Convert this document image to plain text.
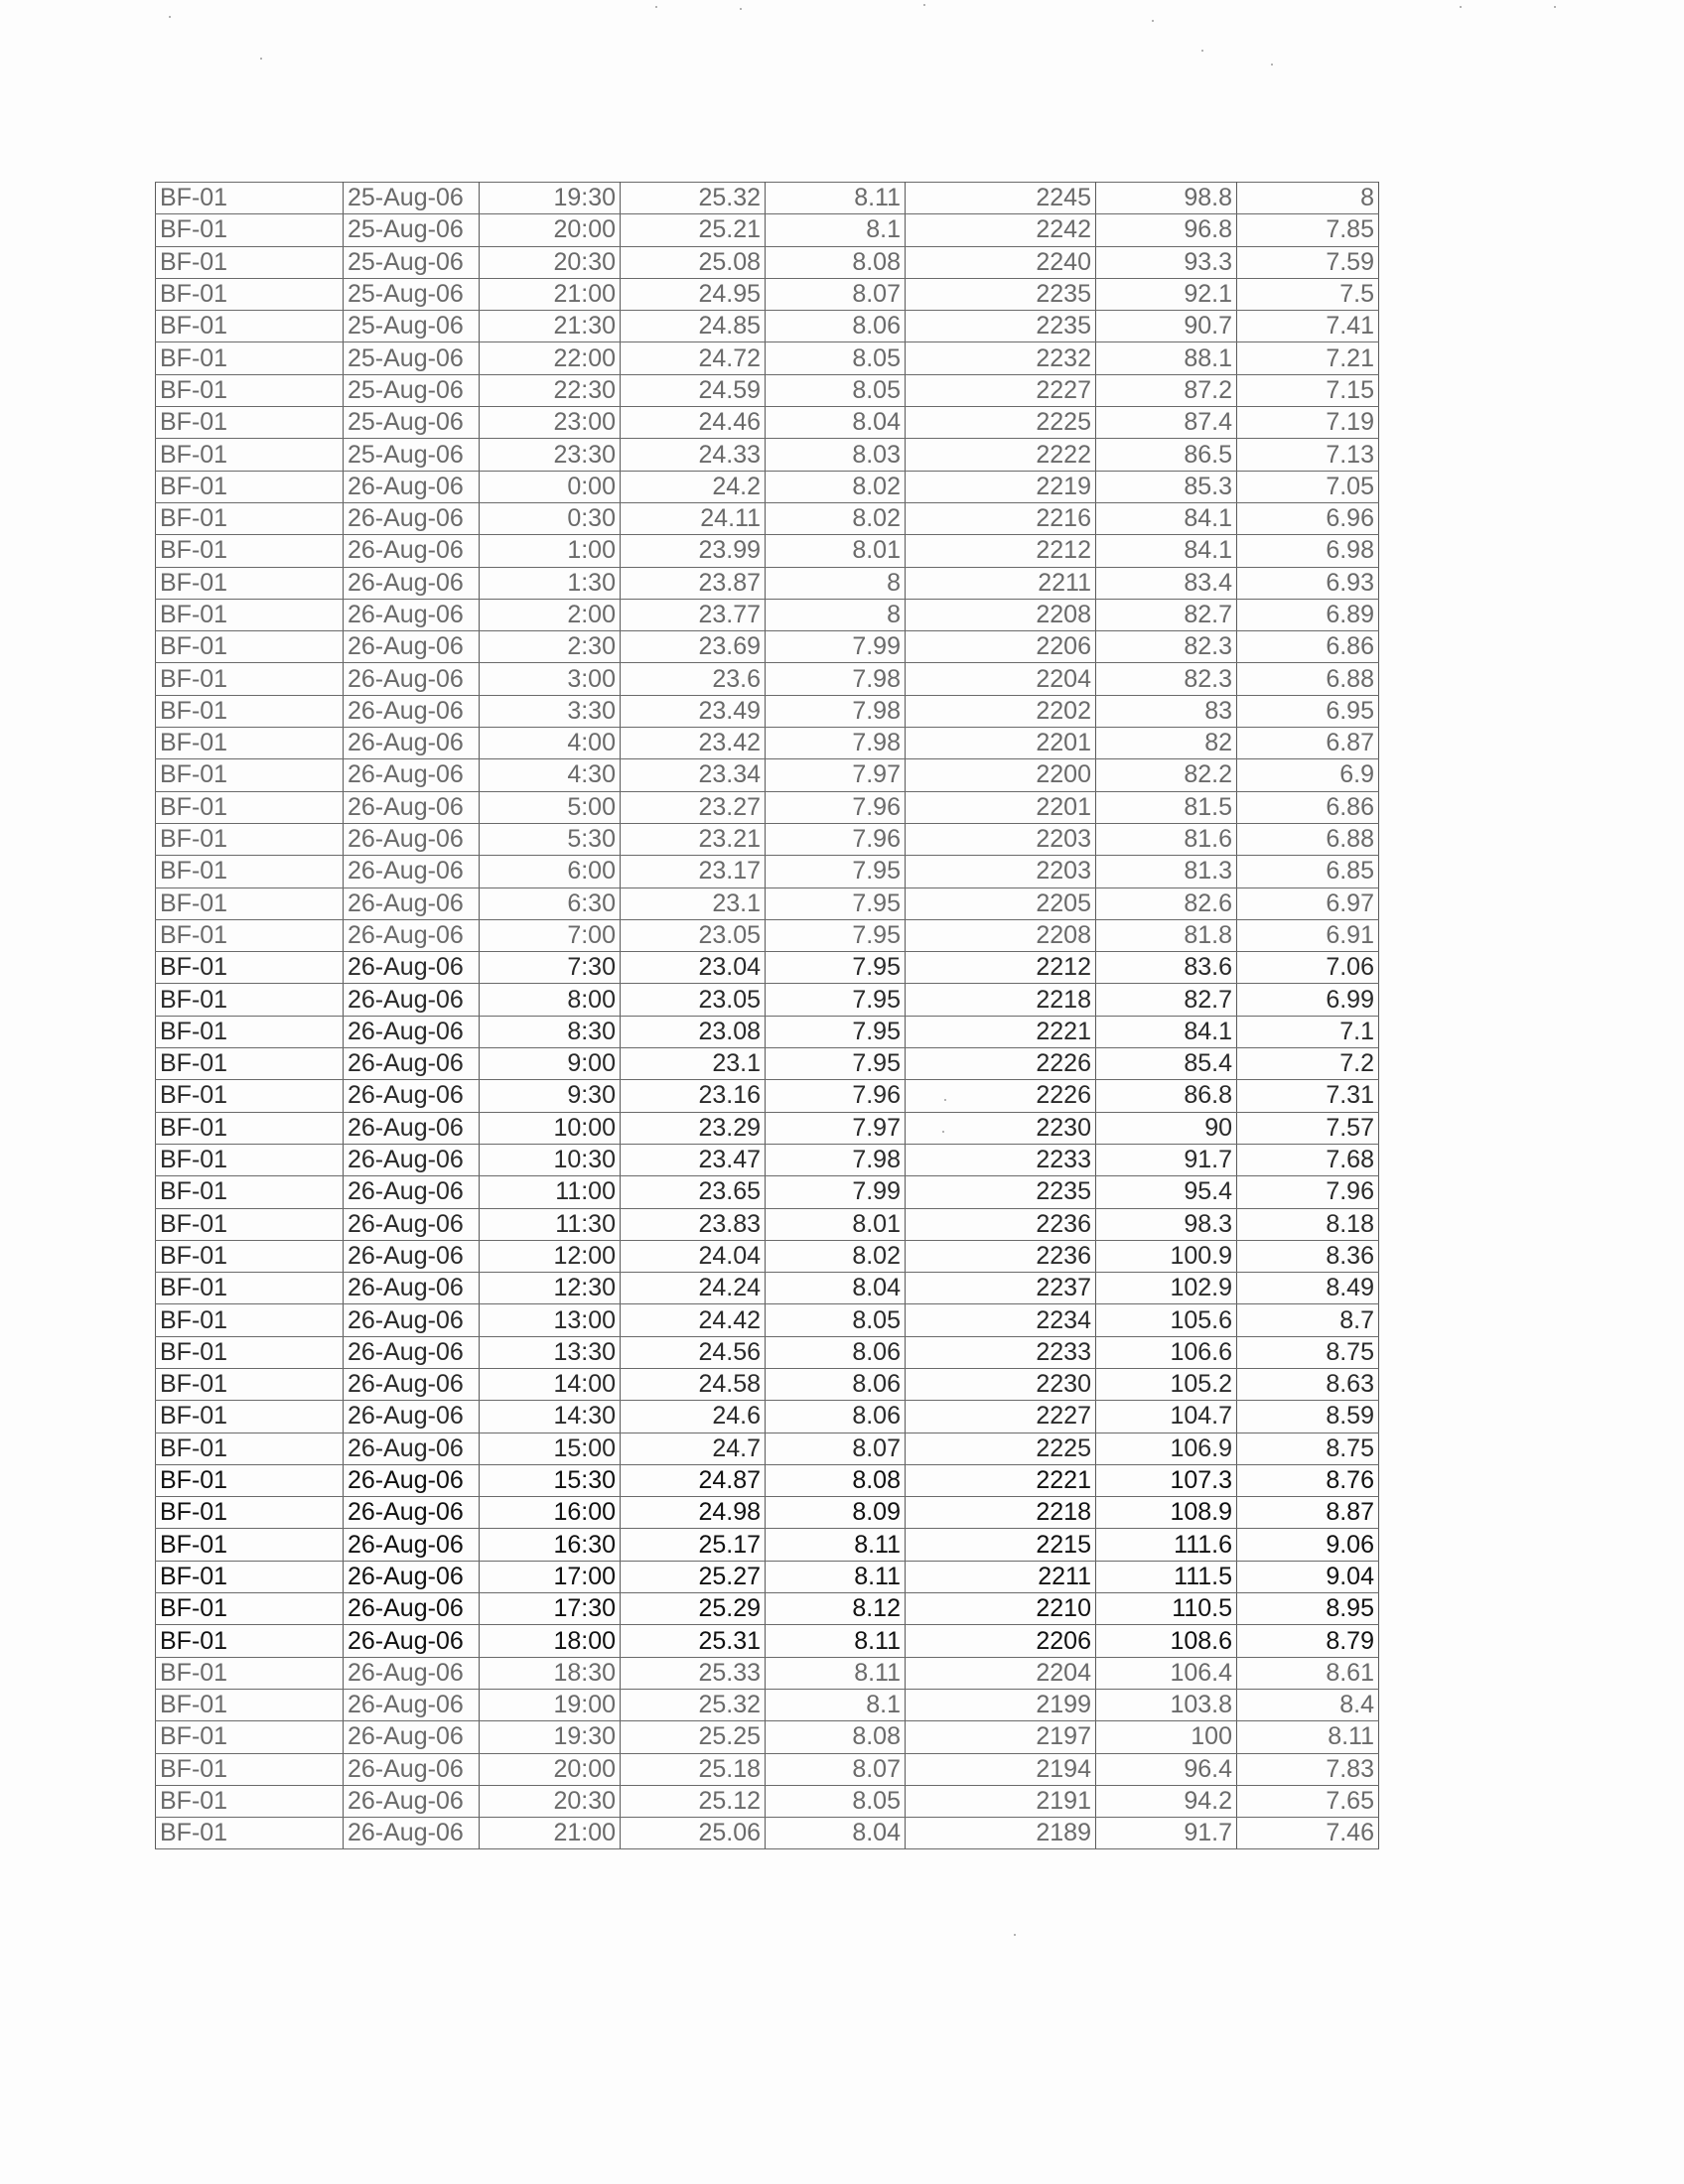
BF-01	25-Aug-06	19:30	25.32	8.11	2245	98.8	8
BF-01	25-Aug-06	20:00	25.21	8.1	2242	96.8	7.85
BF-01	25-Aug-06	20:30	25.08	8.08	2240	93.3	7.59
BF-01	25-Aug-06	21:00	24.95	8.07	2235	92.1	7.5
BF-01	25-Aug-06	21:30	24.85	8.06	2235	90.7	7.41
BF-01	25-Aug-06	22:00	24.72	8.05	2232	88.1	7.21
BF-01	25-Aug-06	22:30	24.59	8.05	2227	87.2	7.15
BF-01	25-Aug-06	23:00	24.46	8.04	2225	87.4	7.19
BF-01	25-Aug-06	23:30	24.33	8.03	2222	86.5	7.13
BF-01	26-Aug-06	0:00	24.2	8.02	2219	85.3	7.05
BF-01	26-Aug-06	0:30	24.11	8.02	2216	84.1	6.96
BF-01	26-Aug-06	1:00	23.99	8.01	2212	84.1	6.98
BF-01	26-Aug-06	1:30	23.87	8	2211	83.4	6.93
BF-01	26-Aug-06	2:00	23.77	8	2208	82.7	6.89
BF-01	26-Aug-06	2:30	23.69	7.99	2206	82.3	6.86
BF-01	26-Aug-06	3:00	23.6	7.98	2204	82.3	6.88
BF-01	26-Aug-06	3:30	23.49	7.98	2202	83	6.95
BF-01	26-Aug-06	4:00	23.42	7.98	2201	82	6.87
BF-01	26-Aug-06	4:30	23.34	7.97	2200	82.2	6.9
BF-01	26-Aug-06	5:00	23.27	7.96	2201	81.5	6.86
BF-01	26-Aug-06	5:30	23.21	7.96	2203	81.6	6.88
BF-01	26-Aug-06	6:00	23.17	7.95	2203	81.3	6.85
BF-01	26-Aug-06	6:30	23.1	7.95	2205	82.6	6.97
BF-01	26-Aug-06	7:00	23.05	7.95	2208	81.8	6.91
BF-01	26-Aug-06	7:30	23.04	7.95	2212	83.6	7.06
BF-01	26-Aug-06	8:00	23.05	7.95	2218	82.7	6.99
BF-01	26-Aug-06	8:30	23.08	7.95	2221	84.1	7.1
BF-01	26-Aug-06	9:00	23.1	7.95	2226	85.4	7.2
BF-01	26-Aug-06	9:30	23.16	7.96	2226	86.8	7.31
BF-01	26-Aug-06	10:00	23.29	7.97	2230	90	7.57
BF-01	26-Aug-06	10:30	23.47	7.98	2233	91.7	7.68
BF-01	26-Aug-06	11:00	23.65	7.99	2235	95.4	7.96
BF-01	26-Aug-06	11:30	23.83	8.01	2236	98.3	8.18
BF-01	26-Aug-06	12:00	24.04	8.02	2236	100.9	8.36
BF-01	26-Aug-06	12:30	24.24	8.04	2237	102.9	8.49
BF-01	26-Aug-06	13:00	24.42	8.05	2234	105.6	8.7
BF-01	26-Aug-06	13:30	24.56	8.06	2233	106.6	8.75
BF-01	26-Aug-06	14:00	24.58	8.06	2230	105.2	8.63
BF-01	26-Aug-06	14:30	24.6	8.06	2227	104.7	8.59
BF-01	26-Aug-06	15:00	24.7	8.07	2225	106.9	8.75
BF-01	26-Aug-06	15:30	24.87	8.08	2221	107.3	8.76
BF-01	26-Aug-06	16:00	24.98	8.09	2218	108.9	8.87
BF-01	26-Aug-06	16:30	25.17	8.11	2215	111.6	9.06
BF-01	26-Aug-06	17:00	25.27	8.11	2211	111.5	9.04
BF-01	26-Aug-06	17:30	25.29	8.12	2210	110.5	8.95
BF-01	26-Aug-06	18:00	25.31	8.11	2206	108.6	8.79
BF-01	26-Aug-06	18:30	25.33	8.11	2204	106.4	8.61
BF-01	26-Aug-06	19:00	25.32	8.1	2199	103.8	8.4
BF-01	26-Aug-06	19:30	25.25	8.08	2197	100	8.11
BF-01	26-Aug-06	20:00	25.18	8.07	2194	96.4	7.83
BF-01	26-Aug-06	20:30	25.12	8.05	2191	94.2	7.65
BF-01	26-Aug-06	21:00	25.06	8.04	2189	91.7	7.46
